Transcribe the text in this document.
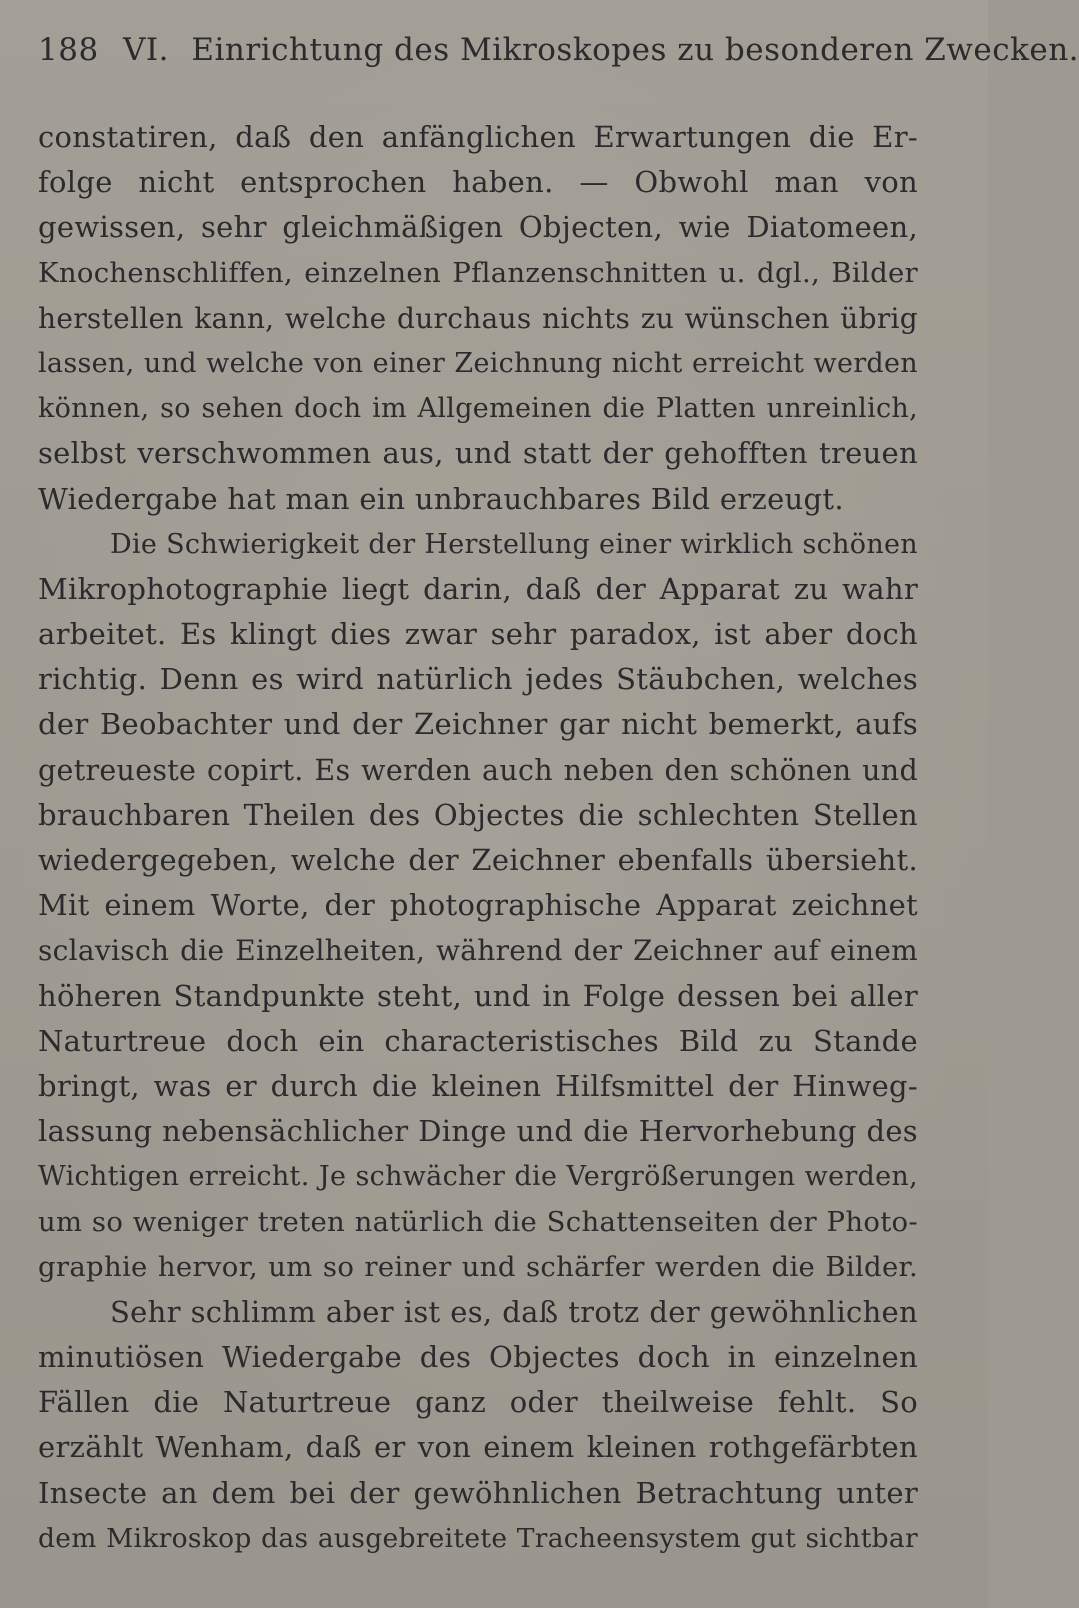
188 VI. Einrichtung des Mikroskopes zu besonderen Zwecken.
constatiren, daß den anfänglichen Erwartungen die Er-
folge nicht entsprochen haben. — Obwohl man von
gewissen, sehr gleichmäßigen Objecten, wie Diatomeen,
Knochenschliffen, einzelnen Pflanzenschnitten u. dgl., Bilder
herstellen kann, welche durchaus nichts zu wünschen übrig
lassen, und welche von einer Zeichnung nicht erreicht werden
können, so sehen doch im Allgemeinen die Platten unreinlich,
selbst verschwommen aus, und statt der gehofften treuen
Wiedergabe hat man ein unbrauchbares Bild erzeugt.
Die Schwierigkeit der Herstellung einer wirklich schönen
Mikrophotographie liegt darin, daß der Apparat zu wahr
arbeitet. Es klingt dies zwar sehr paradox, ist aber doch
richtig. Denn es wird natürlich jedes Stäubchen, welches
der Beobachter und der Zeichner gar nicht bemerkt, aufs
getreueste copirt. Es werden auch neben den schönen und
brauchbaren Theilen des Objectes die schlechten Stellen
wiedergegeben, welche der Zeichner ebenfalls übersieht.
Mit einem Worte, der photographische Apparat zeichnet
sclavisch die Einzelheiten, während der Zeichner auf einem
höheren Standpunkte steht, und in Folge dessen bei aller
Naturtreue doch ein characteristisches Bild zu Stande
bringt, was er durch die kleinen Hilfsmittel der Hinweg-
lassung nebensächlicher Dinge und die Hervorhebung des
Wichtigen erreicht. Je schwächer die Vergrößerungen werden,
um so weniger treten natürlich die Schattenseiten der Photo-
graphie hervor, um so reiner und schärfer werden die Bilder.
Sehr schlimm aber ist es, daß trotz der gewöhnlichen
minutiösen Wiedergabe des Objectes doch in einzelnen
Fällen die Naturtreue ganz oder theilweise fehlt. So
erzählt Wenham, daß er von einem kleinen rothgefärbten
Insecte an dem bei der gewöhnlichen Betrachtung unter
dem Mikroskop das ausgebreitete Tracheensystem gut sichtbar
